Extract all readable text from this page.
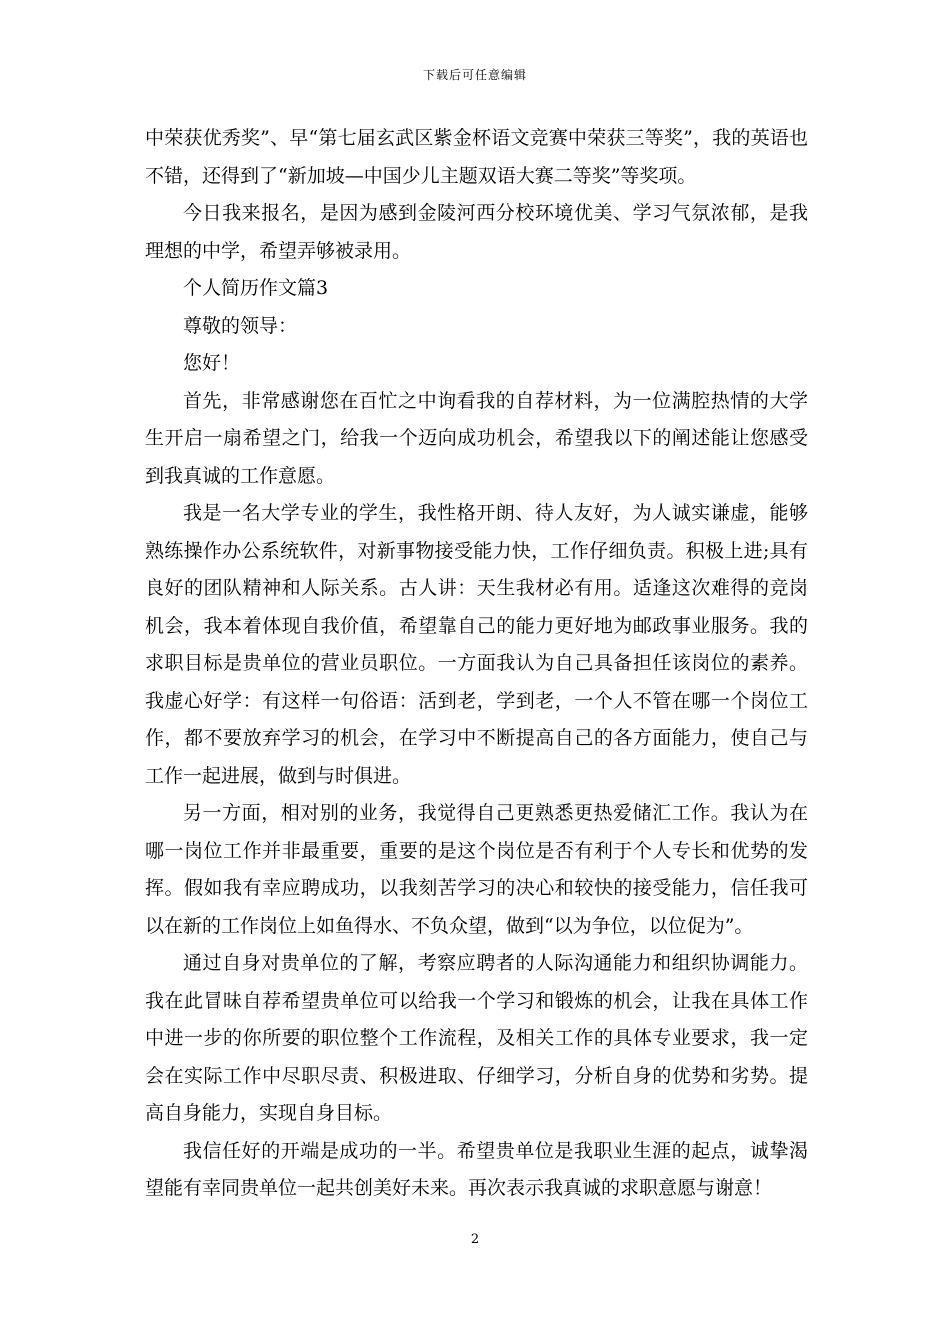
下载后可任意编辑

中荣获优秀奖”、早“第七届玄武区紫金杯语文竞赛中荣获三等奖”，我的英语也不错，还得到了“新加坡—中国少儿主题双语大赛二等奖”等奖项。

今日我来报名，是因为感到金陵河西分校环境优美、学习气氛浓郁，是我理想的中学，希望弄够被录用。

个人简历作文篇3

尊敬的领导：

您好！

首先，非常感谢您在百忙之中询看我的自荐材料，为一位满腔热情的大学生开启一扇希望之门，给我一个迈向成功机会，希望我以下的阐述能让您感受到我真诚的工作意愿。

我是一名大学专业的学生，我性格开朗、待人友好，为人诚实谦虚，能够熟练操作办公系统软件，对新事物接受能力快，工作仔细负责。积极上进;具有良好的团队精神和人际关系。古人讲：天生我材必有用。适逢这次难得的竞岗机会，我本着体现自我价值，希望靠自己的能力更好地为邮政事业服务。我的求职目标是贵单位的营业员职位。一方面我认为自己具备担任该岗位的素养。我虚心好学：有这样一句俗语：活到老，学到老，一个人不管在哪一个岗位工作，都不要放弃学习的机会，在学习中不断提高自己的各方面能力，使自己与工作一起进展，做到与时俱进。

另一方面，相对别的业务，我觉得自己更熟悉更热爱储汇工作。我认为在哪一岗位工作并非最重要，重要的是这个岗位是否有利于个人专长和优势的发挥。假如我有幸应聘成功，以我刻苦学习的决心和较快的接受能力，信任我可以在新的工作岗位上如鱼得水、不负众望，做到“以为争位，以位促为”。

通过自身对贵单位的了解，考察应聘者的人际沟通能力和组织协调能力。我在此冒昧自荐希望贵单位可以给我一个学习和锻炼的机会，让我在具体工作中进一步的你所要的职位整个工作流程，及相关工作的具体专业要求，我一定会在实际工作中尽职尽责、积极进取、仔细学习，分析自身的优势和劣势。提高自身能力，实现自身目标。

我信任好的开端是成功的一半。希望贵单位是我职业生涯的起点，诚挚渴望能有幸同贵单位一起共创美好未来。再次表示我真诚的求职意愿与谢意！

2
